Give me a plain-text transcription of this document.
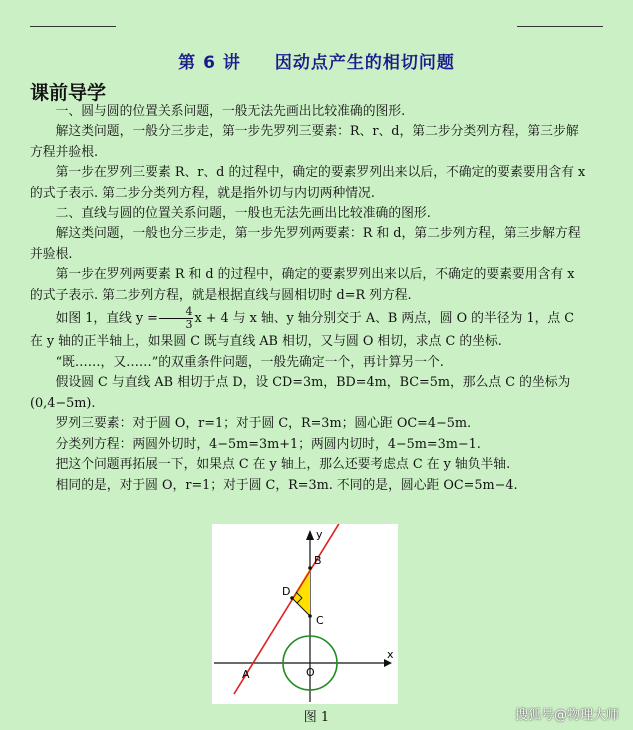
第 6 讲 因动点产生的相切问题
课前导学

一、圆与圆的位置关系问题，一般无法先画出比较准确的图形.

解这类问题，一般分三步走，第一步先罗列三要素：R、r、d，第二步分类列方程，第三步解方程并验根.

第一步在罗列三要素 R、r、d 的过程中，确定的要素罗列出来以后，不确定的要素要用含有 x 的式子表示. 第二步分类列方程，就是指外切与内切两种情况.

二、直线与圆的位置关系问题，一般也无法先画出比较准确的图形.

解这类问题，一般也分三步走，第一步先罗列两要素：R 和 d，第二步列方程，第三步解方程并验根.

第一步在罗列两要素 R 和 d 的过程中，确定的要素罗列出来以后，不确定的要素要用含有 x 的式子表示. 第二步列方程，就是根据直线与圆相切时 d=R 列方程.

如图 1，直线 $y = \frac{4}{3}$ x + 4 与 x 轴、y 轴分别交于 A、B 两点，圆 O 的半径为 1，点 C 在 y 轴的正半轴上，如果圆 C 既与直线 AB 相切，又与圆 O 相切，求点 C 的坐标.

“既……，又……”的双重条件问题，一般先确定一个，再计算另一个.

假设圆 C 与直线 AB 相切于点 D，设 CD=3m，BD=4m，BC=5m，那么点 C 的坐标为 (0,4−5m).

罗列三要素：对于圆 O，r=1；对于圆 C，R=3m；圆心距 OC=4−5m.

分类列方程：两圆外切时，4−5m=3m+1；两圆内切时，4−5m=3m−1.

把这个问题再拓展一下，如果点 C 在 y 轴上，那么还要考虑点 C 在 y 轴负半轴.

相同的是，对于圆 O，r=1；对于圆 C，R=3m. 不同的是，圆心距 OC=5m−4.

x
y
B
D
C
O
A
图 1	搜狐号@物理大师
